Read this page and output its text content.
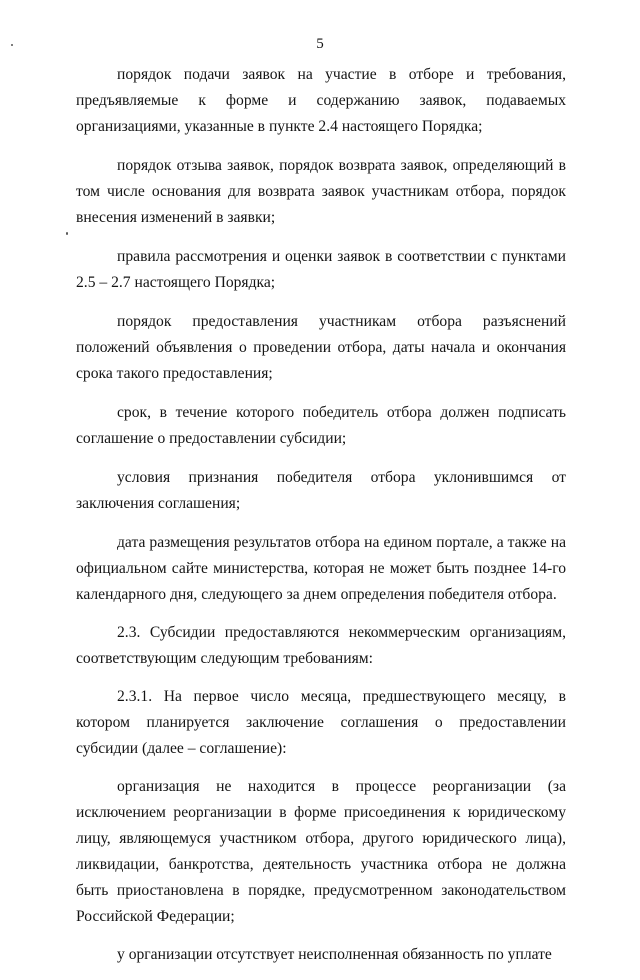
5

порядок подачи заявок на участие в отборе и требования, предъявляемые к форме и содержанию заявок, подаваемых организациями, указанные в пункте 2.4 настоящего Порядка;

порядок отзыва заявок, порядок возврата заявок, определяющий в том числе основания для возврата заявок участникам отбора, порядок внесения изменений в заявки;

правила рассмотрения и оценки заявок в соответствии с пунктами 2.5 – 2.7 настоящего Порядка;

порядок предоставления участникам отбора разъяснений положений объявления о проведении отбора, даты начала и окончания срока такого предоставления;

срок, в течение которого победитель отбора должен подписать соглашение о предоставлении субсидии;

условия признания победителя отбора уклонившимся от заключения соглашения;

дата размещения результатов отбора на едином портале, а также на официальном сайте министерства, которая не может быть позднее 14-го календарного дня, следующего за днем определения победителя отбора.

2.3. Субсидии предоставляются некоммерческим организациям, соответствующим следующим требованиям:

2.3.1. На первое число месяца, предшествующего месяцу, в котором планируется заключение соглашения о предоставлении субсидии (далее – соглашение):

организация не находится в процессе реорганизации (за исключением реорганизации в форме присоединения к юридическому лицу, являющемуся участником отбора, другого юридического лица), ликвидации, банкротства, деятельность участника отбора не должна быть приостановлена в порядке, предусмотренном законодательством Российской Федерации;

у организации отсутствует неисполненная обязанность по уплате
